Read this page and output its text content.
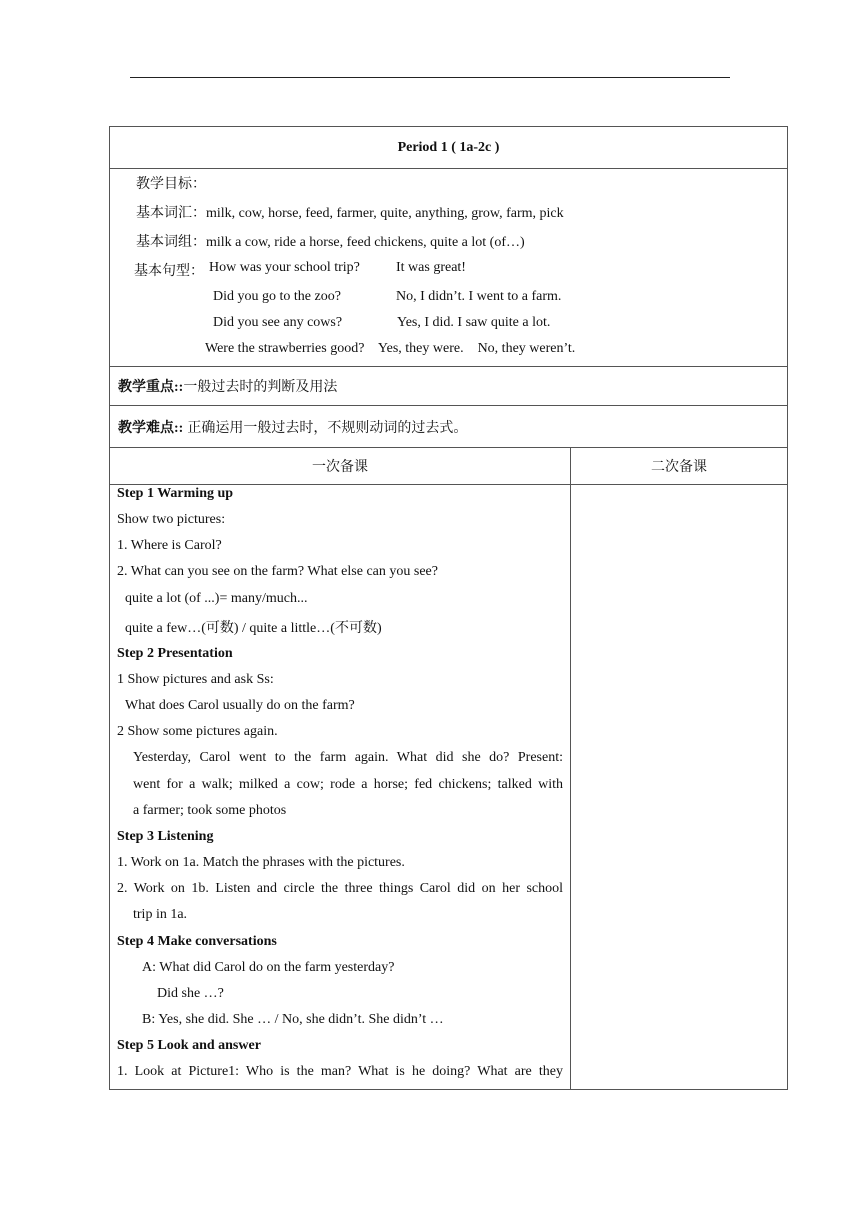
Period 1 ( 1a-2c )
教学目标：
基本词汇：milk, cow, horse, feed, farmer, quite, anything, grow, farm, pick
基本词组：milk a cow, ride a horse, feed chickens, quite a lot (of…)
基本句型： How was your school trip?	It was great!
Did you go to the zoo?	No, I didn’t. I went to a farm.
Did you see any cows?	Yes, I did. I saw quite a lot.
Were the strawberries good?    Yes, they were.    No, they weren’t.
教学重点:: 一般过去时的判断及用法
教学难点:: 正确运用一般过去时，不规则动词的过去式。
一次备课	二次备课
Step 1 Warming up
Show two pictures:
1. Where is Carol?
2. What can you see on the farm? What else can you see?
quite a lot (of ...)= many/much...
quite a few…(可数) / quite a little…(不可数)
Step 2 Presentation
1 Show pictures and ask Ss:
What does Carol usually do on the farm?
2 Show some pictures again.
Yesterday, Carol went to the farm again. What did she do? Present:
went for a walk; milked a cow; rode a horse; fed chickens; talked with
a farmer; took some photos
Step 3 Listening
1. Work on 1a. Match the phrases with the pictures.
2. Work on 1b. Listen and circle the three things Carol did on her school
trip in 1a.
Step 4 Make conversations
A: What did Carol do on the farm yesterday?
Did she …?
B: Yes, she did. She … / No, she didn’t. She didn’t …
Step 5 Look and answer
1. Look at Picture1: Who is the man? What is he doing? What are they
